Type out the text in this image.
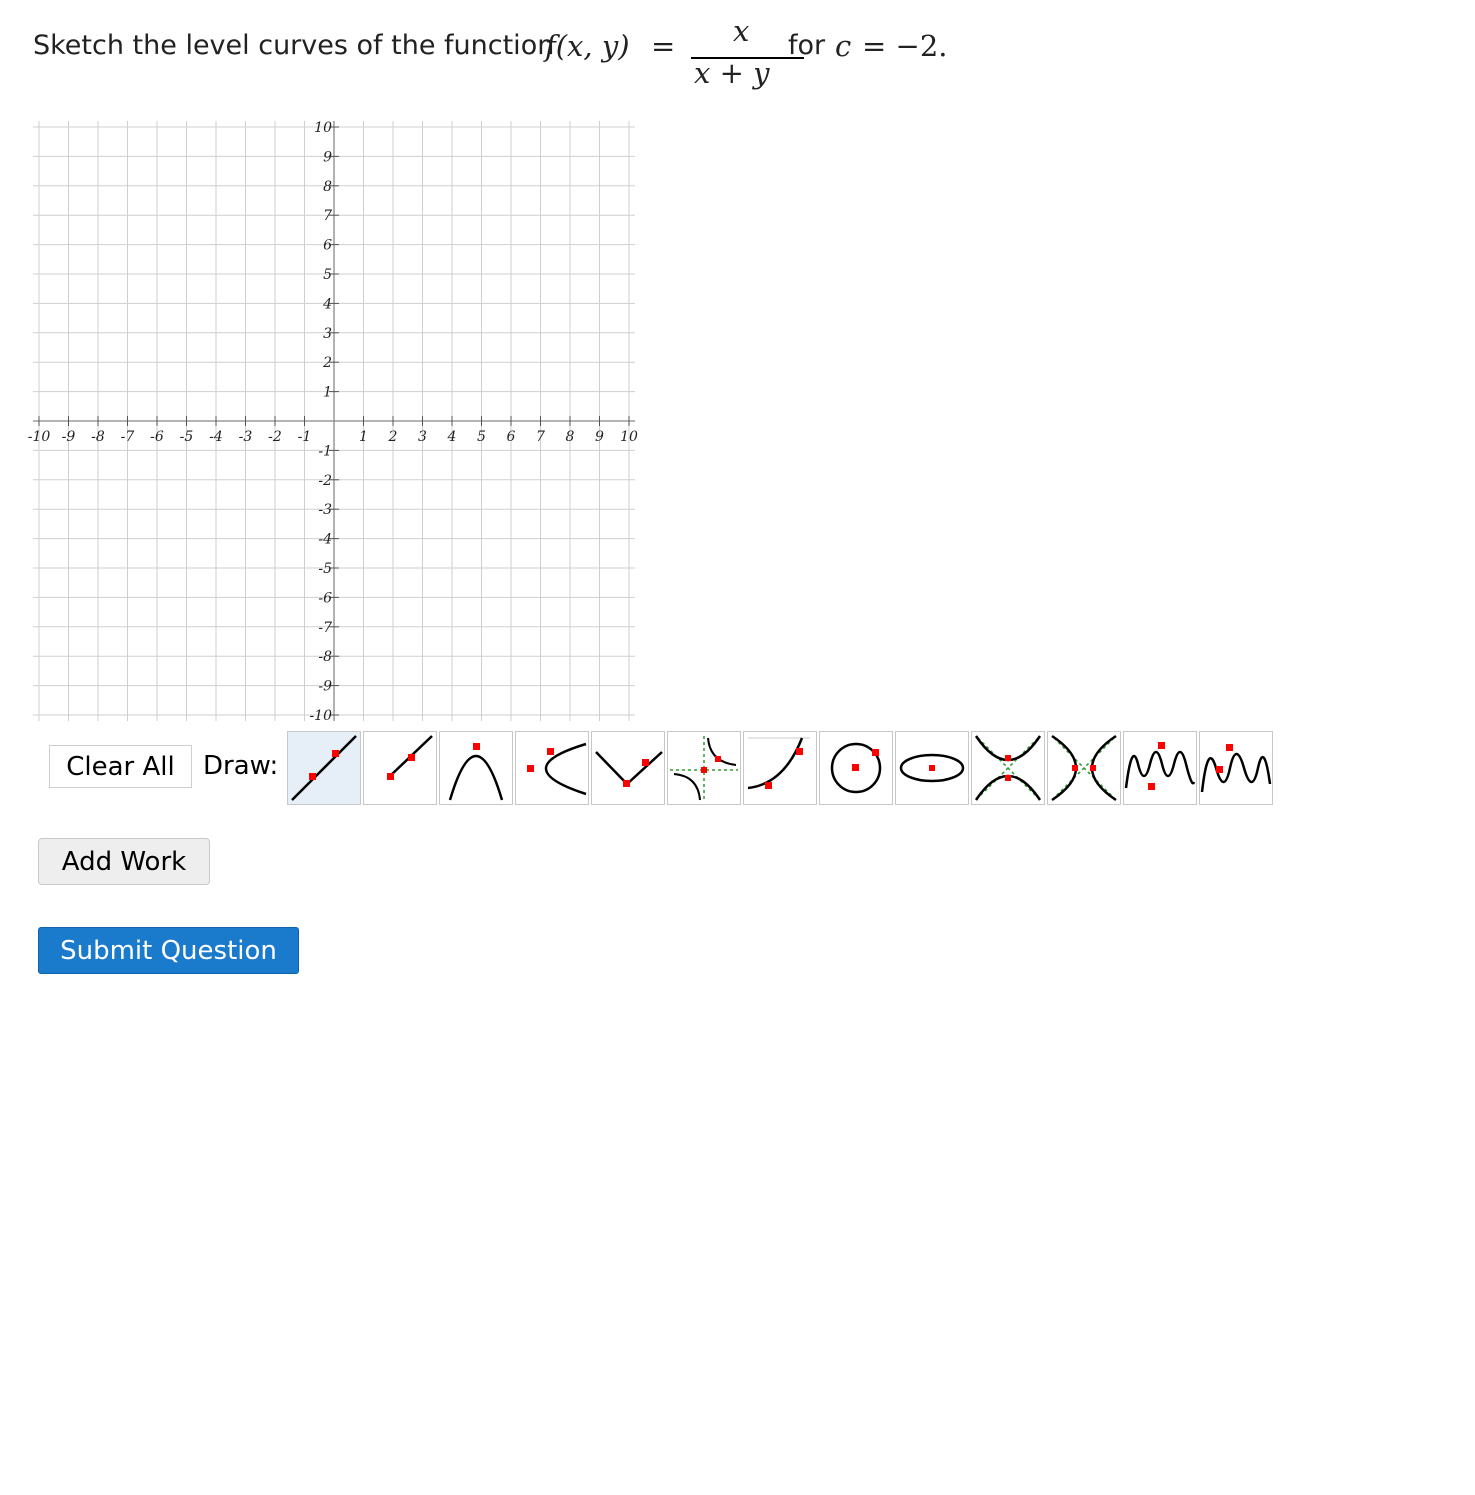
Sketch the level curves of the function
f(x, y) = x
x + y
for c = −2.
-10 -9 -8 -7 -6 -5 -4 -3 -2 -1	1 2 3 4 5 6 7 8 9 10
10
9
8
7
6
5
4
3
2
1
-1
-2
-3
-4
-5
-6
-7
-8
-9
-10
Clear All	Draw:
Add Work
Submit Question
